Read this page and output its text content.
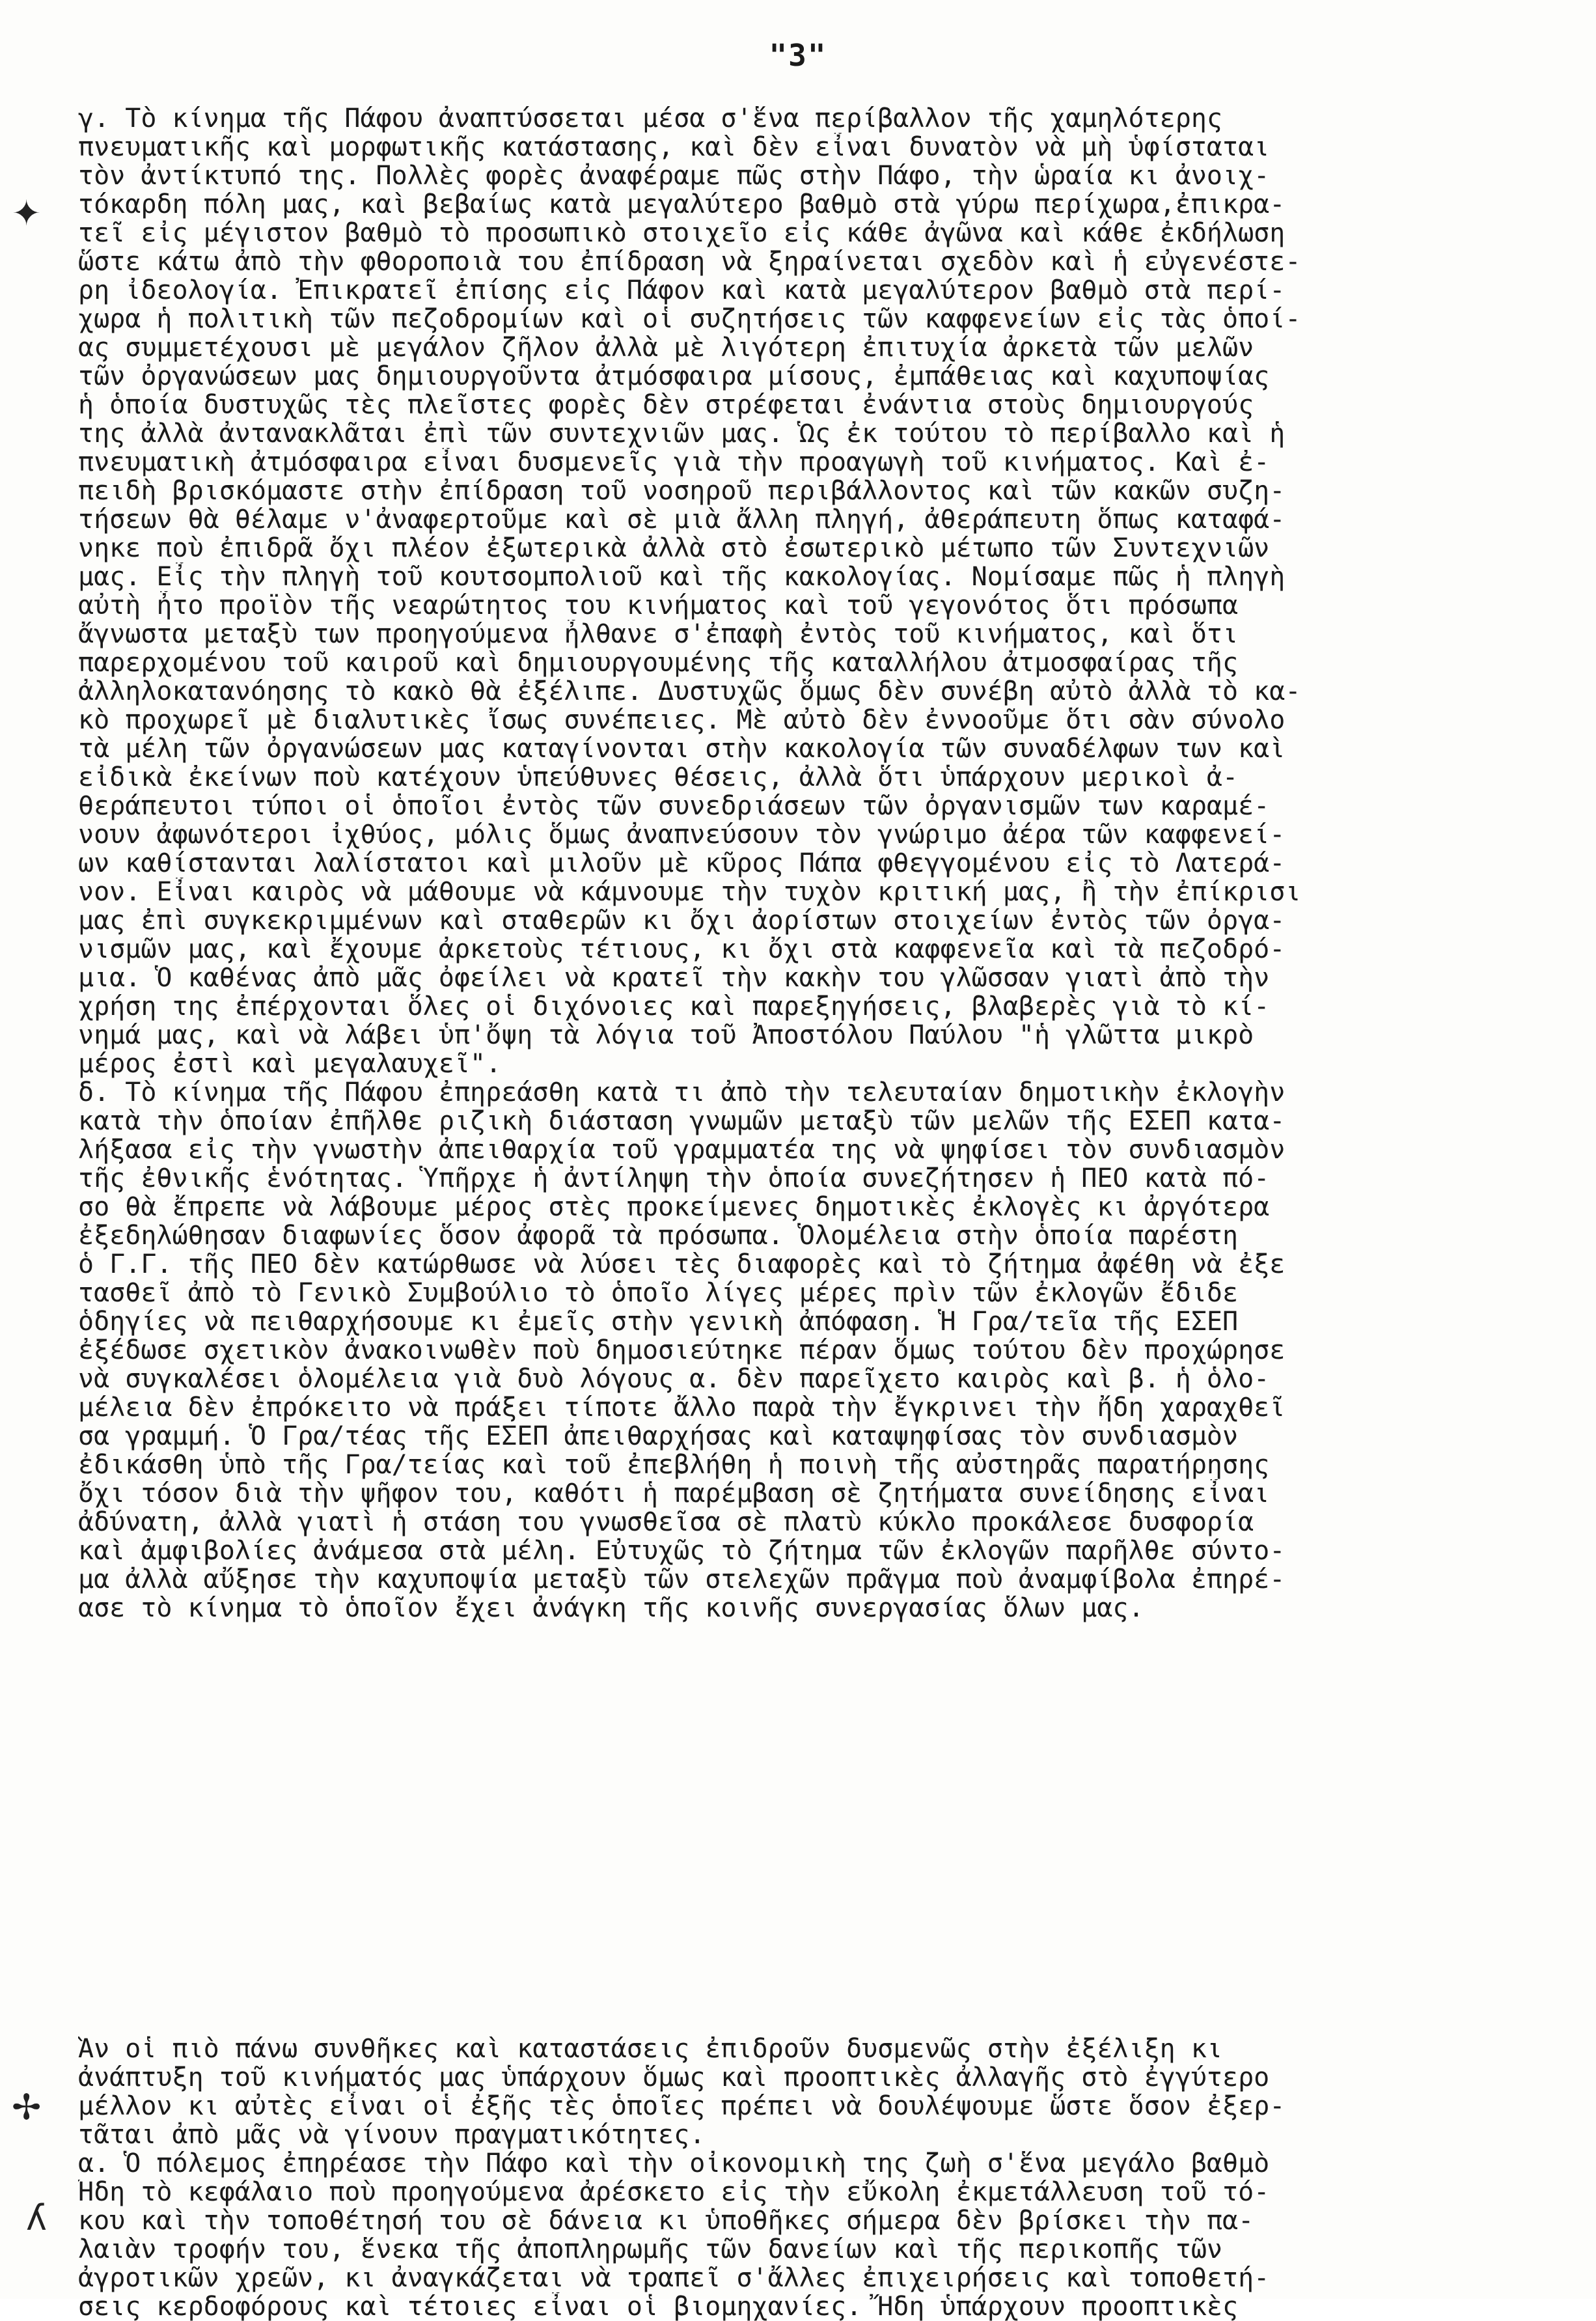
"3"
✦
✢
ʎ
γ. Τὸ κίνημα τῆς Πάφου ἀναπτύσσεται μέσα σ'ἕνα περίβαλλον τῆς χαμηλότερης
πνευματικῆς καὶ μορφωτικῆς κατάστασης, καὶ δὲν εἶναι δυνατὸν νὰ μὴ ὑφίσταται
τὸν ἀντίκτυπό της. Πολλὲς φορὲς ἀναφέραμε πῶς στὴν Πάφο, τὴν ὡραία κι ἀνοιχ-
τόκαρδη πόλη μας, καὶ βεβαίως κατὰ μεγαλύτερο βαθμὸ στὰ γύρω περίχωρα,ἐπικρα-
τεῖ εἰς μέγιστον βαθμὸ τὸ προσωπικὸ στοιχεῖο εἰς κάθε ἀγῶνα καὶ κάθε ἐκδήλωση
ὥστε κάτω ἀπὸ τὴν φθοροποιὰ του ἐπίδραση νὰ ξηραίνεται σχεδὸν καὶ ἡ εὐγενέστε-
ρη ἰδεολογία. Ἐπικρατεῖ ἐπίσης εἰς Πάφον καὶ κατὰ μεγαλύτερον βαθμὸ στὰ περί-
χωρα ἡ πολιτικὴ τῶν πεζοδρομίων καὶ οἱ συζητήσεις τῶν καφφενείων εἰς τὰς ὁποί-
ας συμμετέχουσι μὲ μεγάλον ζῆλον ἀλλὰ μὲ λιγότερη ἐπιτυχία ἀρκετὰ τῶν μελῶν
τῶν ὀργανώσεων μας δημιουργοῦντα ἀτμόσφαιρα μίσους, ἐμπάθειας καὶ καχυποψίας
ἡ ὁποία δυστυχῶς τὲς πλεῖστες φορὲς δὲν στρέφεται ἐνάντια στοὺς δημιουργούς
της ἀλλὰ ἀντανακλᾶται ἐπὶ τῶν συντεχνιῶν μας. Ὡς ἐκ τούτου τὸ περίβαλλο καὶ ἡ
πνευματικὴ ἀτμόσφαιρα εἶναι δυσμενεῖς γιὰ τὴν προαγωγὴ τοῦ κινήματος. Καὶ ἐ-
πειδὴ βρισκόμαστε στὴν ἐπίδραση τοῦ νοσηροῦ περιβάλλοντος καὶ τῶν κακῶν συζη-
τήσεων θὰ θέλαμε ν'ἀναφερτοῦμε καὶ σὲ μιὰ ἄλλη πληγή, ἀθεράπευτη ὅπως καταφά-
νηκε ποὺ ἐπιδρᾶ ὄχι πλέον ἐξωτερικὰ ἀλλὰ στὸ ἐσωτερικὸ μέτωπο τῶν Συντεχνιῶν
μας. Εἶς τὴν πληγὴ τοῦ κουτσομπολιοῦ καὶ τῆς κακολογίας. Νομίσαμε πῶς ἡ πληγὴ
αὐτὴ ἦτο προϊὸν τῆς νεαρώτητος του κινήματος καὶ τοῦ γεγονότος ὅτι πρόσωπα
ἄγνωστα μεταξὺ των προηγούμενα ἦλθανε σ'ἐπαφὴ ἐντὸς τοῦ κινήματος, καὶ ὅτι
παρερχομένου τοῦ καιροῦ καὶ δημιουργουμένης τῆς καταλλήλου ἀτμοσφαίρας τῆς
ἀλληλοκατανόησης τὸ κακὸ θὰ ἐξέλιπε. Δυστυχῶς ὅμως δὲν συνέβη αὐτὸ ἀλλὰ τὸ κα-
κὸ προχωρεῖ μὲ διαλυτικὲς ἴσως συνέπειες. Μὲ αὐτὸ δὲν ἐννοοῦμε ὅτι σὰν σύνολο
τὰ μέλη τῶν ὀργανώσεων μας καταγίνονται στὴν κακολογία τῶν συναδέλφων των καὶ
εἰδικὰ ἐκείνων ποὺ κατέχουν ὑπεύθυνες θέσεις, ἀλλὰ ὅτι ὑπάρχουν μερικοὶ ἀ-
θεράπευτοι τύποι οἱ ὁποῖοι ἐντὸς τῶν συνεδριάσεων τῶν ὀργανισμῶν των καραμέ-
νουν ἀφωνότεροι ἰχθύος, μόλις ὅμως ἀναπνεύσουν τὸν γνώριμο ἀέρα τῶν καφφενεί-
ων καθίστανται λαλίστατοι καὶ μιλοῦν μὲ κῦρος Πάπα φθεγγομένου εἰς τὸ Λατερά-
νον. Εἶναι καιρὸς νὰ μάθουμε νὰ κάμνουμε τὴν τυχὸν κριτική μας, ἢ τὴν ἐπίκρισι
μας ἐπὶ συγκεκριμμένων καὶ σταθερῶν κι ὄχι ἀορίστων στοιχείων ἐντὸς τῶν ὀργα-
νισμῶν μας, καὶ ἔχουμε ἀρκετοὺς τέτιους, κι ὄχι στὰ καφφενεῖα καὶ τὰ πεζοδρό-
μια. Ὁ καθένας ἀπὸ μᾶς ὀφείλει νὰ κρατεῖ τὴν κακὴν του γλῶσσαν γιατὶ ἀπὸ τὴν
χρήση της ἐπέρχονται ὅλες οἱ διχόνοιες καὶ παρεξηγήσεις, βλαβερὲς γιὰ τὸ κί-
νημά μας, καὶ νὰ λάβει ὑπ'ὄψη τὰ λόγια τοῦ Ἀποστόλου Παύλου "ἡ γλῶττα μικρὸ
μέρος ἐστὶ καὶ μεγαλαυχεῖ".
δ. Τὸ κίνημα τῆς Πάφου ἐπηρεάσθη κατὰ τι ἀπὸ τὴν τελευταίαν δημοτικὴν ἐκλογὴν
κατὰ τὴν ὁποίαν ἐπῆλθε ριζικὴ διάσταση γνωμῶν μεταξὺ τῶν μελῶν τῆς ΕΣΕΠ κατα-
λήξασα εἰς τὴν γνωστὴν ἀπειθαρχία τοῦ γραμματέα της νὰ ψηφίσει τὸν συνδιασμὸν
τῆς ἐθνικῆς ἑνότητας. Ὑπῆρχε ἡ ἀντίληψη τὴν ὁποία συνεζήτησεν ἡ ΠΕΟ κατὰ πό-
σο θὰ ἔπρεπε νὰ λάβουμε μέρος στὲς προκείμενες δημοτικὲς ἐκλογὲς κι ἀργότερα
ἐξεδηλώθησαν διαφωνίες ὅσον ἀφορᾶ τὰ πρόσωπα. Ὁλομέλεια στὴν ὁποία παρέστη
ὁ Γ.Γ. τῆς ΠΕΟ δὲν κατώρθωσε νὰ λύσει τὲς διαφορὲς καὶ τὸ ζήτημα ἀφέθη νὰ ἐξε
τασθεῖ ἀπὸ τὸ Γενικὸ Συμβούλιο τὸ ὁποῖο λίγες μέρες πρὶν τῶν ἐκλογῶν ἔδιδε
ὁδηγίες νὰ πειθαρχήσουμε κι ἐμεῖς στὴν γενικὴ ἀπόφαση. Ἡ Γρα/τεῖα τῆς ΕΣΕΠ
ἐξέδωσε σχετικὸν ἀνακοινωθὲν ποὺ δημοσιεύτηκε πέραν ὅμως τούτου δὲν προχώρησε
νὰ συγκαλέσει ὁλομέλεια γιὰ δυὸ λόγους α. δὲν παρεῖχετο καιρὸς καὶ β. ἡ ὁλο-
μέλεια δὲν ἐπρόκειτο νὰ πράξει τίποτε ἄλλο παρὰ τὴν ἔγκρινει τὴν ἤδη χαραχθεῖ
σα γραμμή. Ὁ Γρα/τέας τῆς ΕΣΕΠ ἀπειθαρχήσας καὶ καταψηφίσας τὸν συνδιασμὸν
ἐδικάσθη ὑπὸ τῆς Γρα/τείας καὶ τοῦ ἐπεβλήθη ἡ ποινὴ τῆς αὐστηρᾶς παρατήρησης
ὄχι τόσον διὰ τὴν ψῆφον του, καθότι ἡ παρέμβαση σὲ ζητήματα συνείδησης εἶναι
ἀδύνατη, ἀλλὰ γιατὶ ἡ στάση του γνωσθεῖσα σὲ πλατὺ κύκλο προκάλεσε δυσφορία
καὶ ἀμφιβολίες ἀνάμεσα στὰ μέλη. Εὐτυχῶς τὸ ζήτημα τῶν ἐκλογῶν παρῆλθε σύντο-
μα ἀλλὰ αὔξησε τὴν καχυποψία μεταξὺ τῶν στελεχῶν πρᾶγμα ποὺ ἀναμφίβολα ἐπηρέ-
ασε τὸ κίνημα τὸ ὁποῖον ἔχει ἀνάγκη τῆς κοινῆς συνεργασίας ὅλων μας.
Ἂν οἱ πιὸ πάνω συνθῆκες καὶ καταστάσεις ἐπιδροῦν δυσμενῶς στὴν ἐξέλιξη κι
ἀνάπτυξη τοῦ κινήματός μας ὑπάρχουν ὅμως καὶ προοπτικὲς ἀλλαγῆς στὸ ἐγγύτερο
μέλλον κι αὐτὲς εἶναι οἱ ἐξῆς τὲς ὁποῖες πρέπει νὰ δουλέψουμε ὥστε ὅσον ἐξερ-
τᾶται ἀπὸ μᾶς νὰ γίνουν πραγματικότητες.
α. Ὁ πόλεμος ἐπηρέασε τὴν Πάφο καὶ τὴν οἰκονομικὴ της ζωὴ σ'ἕνα μεγάλο βαθμὸ
Ἤδη τὸ κεφάλαιο ποὺ προηγούμενα ἀρέσκετο εἰς τὴν εὔκολη ἐκμετάλλευση τοῦ τό-
κου καὶ τὴν τοποθέτησή του σὲ δάνεια κι ὑποθῆκες σήμερα δὲν βρίσκει τὴν πα-
λαιὰν τροφήν του, ἕνεκα τῆς ἀποπληρωμῆς τῶν δανείων καὶ τῆς περικοπῆς τῶν
ἀγροτικῶν χρεῶν, κι ἀναγκάζεται νὰ τραπεῖ σ'ἄλλες ἐπιχειρήσεις καὶ τοποθετή-
σεις κερδοφόρους καὶ τέτοιες εἶναι οἱ βιομηχανίες. Ἤδη ὑπάρχουν προοπτικὲς
